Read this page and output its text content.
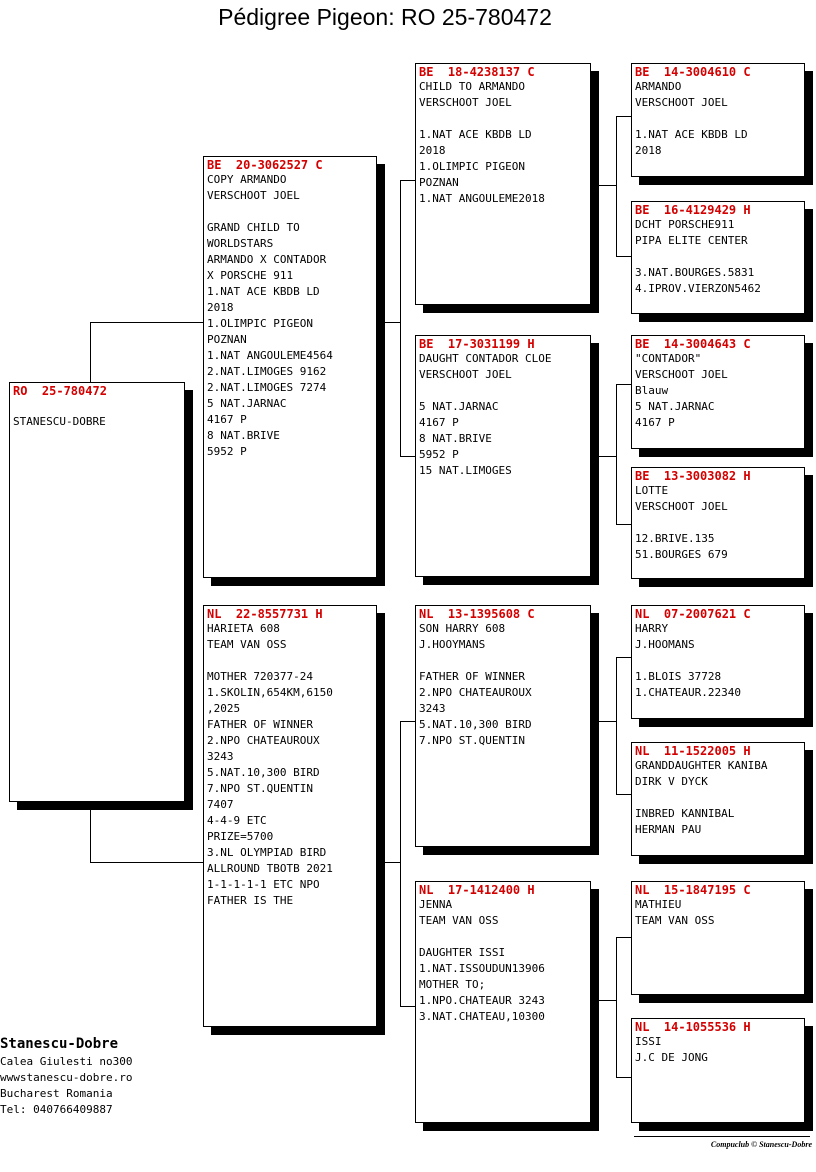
Pédigree Pigeon: RO 25-780472
RO  25-780472
STANESCU-DOBRE
BE  20-3062527 C
COPY ARMANDO
VERSCHOOT JOEL
GRAND CHILD TO
WORLDSTARS
ARMANDO X CONTADOR
X PORSCHE 911
1.NAT ACE KBDB LD
2018
1.OLIMPIC PIGEON
POZNAN
1.NAT ANGOULEME4564
2.NAT.LIMOGES 9162
2.NAT.LIMOGES 7274
5 NAT.JARNAC
4167 P
8 NAT.BRIVE
5952 P
NL  22-8557731 H
HARIETA 608
TEAM VAN OSS
MOTHER 720377-24
1.SKOLIN,654KM,6150
,2025
FATHER OF WINNER
2.NPO CHATEAUROUX
3243
5.NAT.10,300 BIRD
7.NPO ST.QUENTIN
7407
4-4-9 ETC
PRIZE=5700
3.NL OLYMPIAD BIRD
ALLROUND TBOTB 2021
1-1-1-1-1 ETC NPO
FATHER IS THE
BE  18-4238137 C
CHILD TO ARMANDO
VERSCHOOT JOEL
1.NAT ACE KBDB LD
2018
1.OLIMPIC PIGEON
POZNAN
1.NAT ANGOULEME2018
BE  17-3031199 H
DAUGHT CONTADOR CLOE
VERSCHOOT JOEL
5 NAT.JARNAC
4167 P
8 NAT.BRIVE
5952 P
15 NAT.LIMOGES
NL  13-1395608 C
SON HARRY 608
J.HOOYMANS
FATHER OF WINNER
2.NPO CHATEAUROUX
3243
5.NAT.10,300 BIRD
7.NPO ST.QUENTIN
NL  17-1412400 H
JENNA
TEAM VAN OSS
DAUGHTER ISSI
1.NAT.ISSOUDUN13906
MOTHER TO;
1.NPO.CHATEAUR 3243
3.NAT.CHATEAU,10300
BE  14-3004610 C
ARMANDO
VERSCHOOT JOEL
1.NAT ACE KBDB LD
2018
BE  16-4129429 H
DCHT PORSCHE911
PIPA ELITE CENTER
3.NAT.BOURGES.5831
4.IPROV.VIERZON5462
BE  14-3004643 C
"CONTADOR"
VERSCHOOT JOEL
Blauw
5 NAT.JARNAC
4167 P
BE  13-3003082 H
LOTTE
VERSCHOOT JOEL
12.BRIVE.135
51.BOURGES 679
NL  07-2007621 C
HARRY
J.HOOMANS
1.BLOIS 37728
1.CHATEAUR.22340
NL  11-1522005 H
GRANDDAUGHTER KANIBA
DIRK V DYCK
INBRED KANNIBAL
HERMAN PAU
NL  15-1847195 C
MATHIEU
TEAM VAN OSS
NL  14-1055536 H
ISSI
J.C DE JONG
Stanescu-Dobre
Calea Giulesti no300
wwwstanescu-dobre.ro
Bucharest Romania
Tel: 040766409887
Compuclub © Stanescu-Dobre
